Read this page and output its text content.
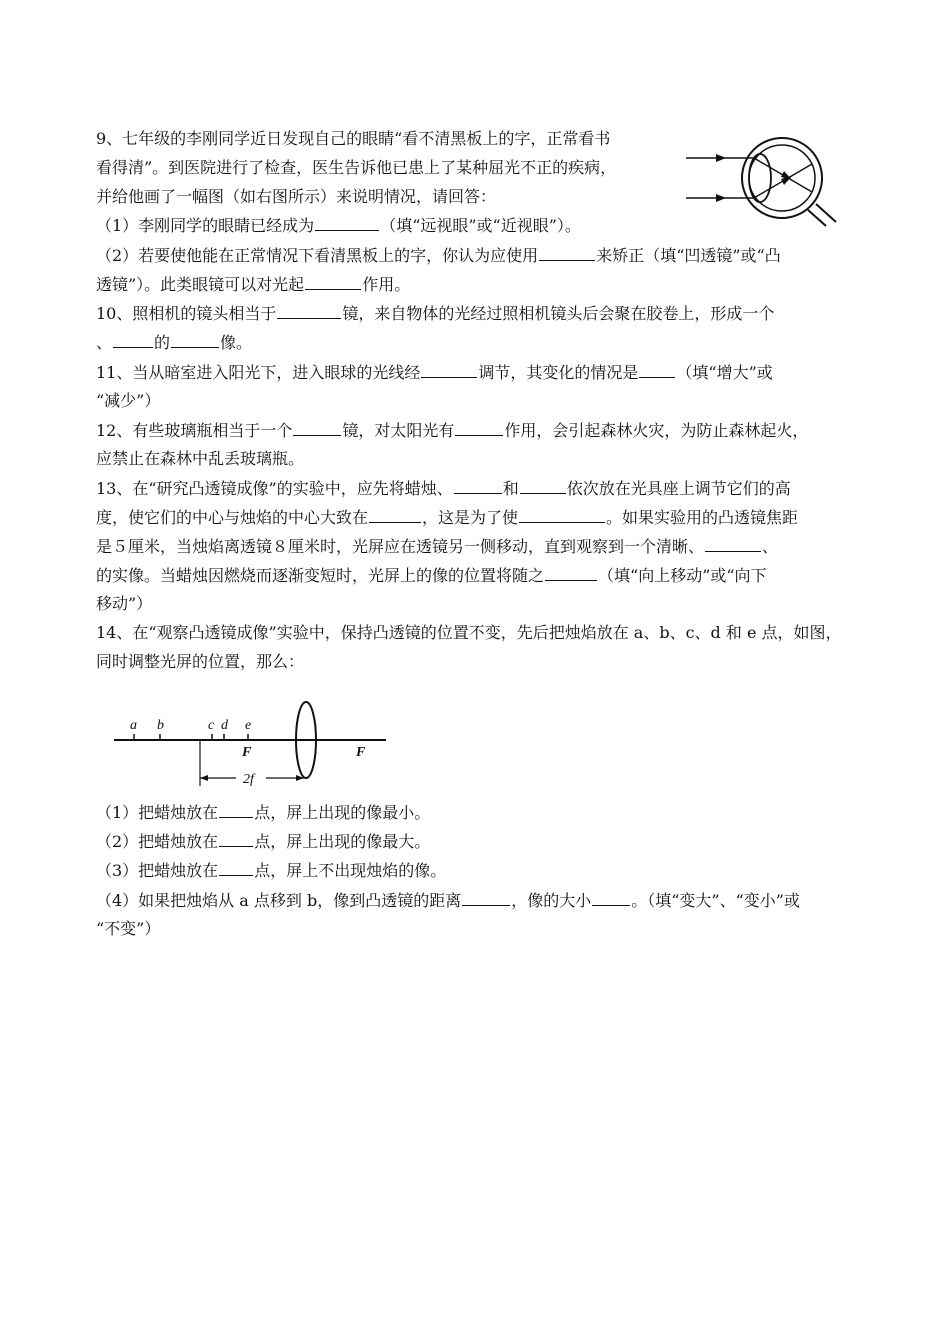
9、七年级的李刚同学近日发现自己的眼睛“看不清黑板上的字，正常看书
看得清”。到医院进行了检查，医生告诉他已患上了某种屈光不正的疾病，
并给他画了一幅图（如右图所示）来说明情况，请回答：
（1）李刚同学的眼睛已经成为	（填“远视眼”或“近视眼”）。
（2）若要使他能在正常情况下看清黑板上的字，你认为应使用	来矫正（填“凹透镜”或“凸
透镜”）。此类眼镜可以对光起	作用。
10、照相机的镜头相当于	镜，来自物体的光经过照相机镜头后会聚在胶卷上，形成一个
、	的	像。
11、当从暗室进入阳光下，进入眼球的光线经	调节，其变化的情况是 （填“增大”或
“减少”）
12、有些玻璃瓶相当于一个	镜，对太阳光有	作用，会引起森林火灾，为防止森林起火，
应禁止在森林中乱丢玻璃瓶。
13、在“研究凸透镜成像”的实验中，应先将蜡烛、	和	依次放在光具座上调节它们的高
度，使它们的中心与烛焰的中心大致在	，这是为了使	。如果实验用的凸透镜焦距
是５厘米，当烛焰离透镜８厘米时，光屏应在透镜另一侧移动，直到观察到一个清晰、	、
的实像。当蜡烛因燃烧而逐渐变短时，光屏上的像的位置将随之	（填“向上移动”或“向下
移动”）
14、在“观察凸透镜成像”实验中，保持凸透镜的位置不变，先后把烛焰放在 a、b、c、d 和 e 点，如图，
同时调整光屏的位置，那么：
a b	c d e
F	F
2f
（1）把蜡烛放在 点，屏上出现的像最小。
（2）把蜡烛放在 点，屏上出现的像最大。
（3）把蜡烛放在 点，屏上不出现烛焰的像。
（4）如果把烛焰从 a 点移到 b，像到凸透镜的距离	，像的大小	。（填“变大”、“变小”或
“不变”）
